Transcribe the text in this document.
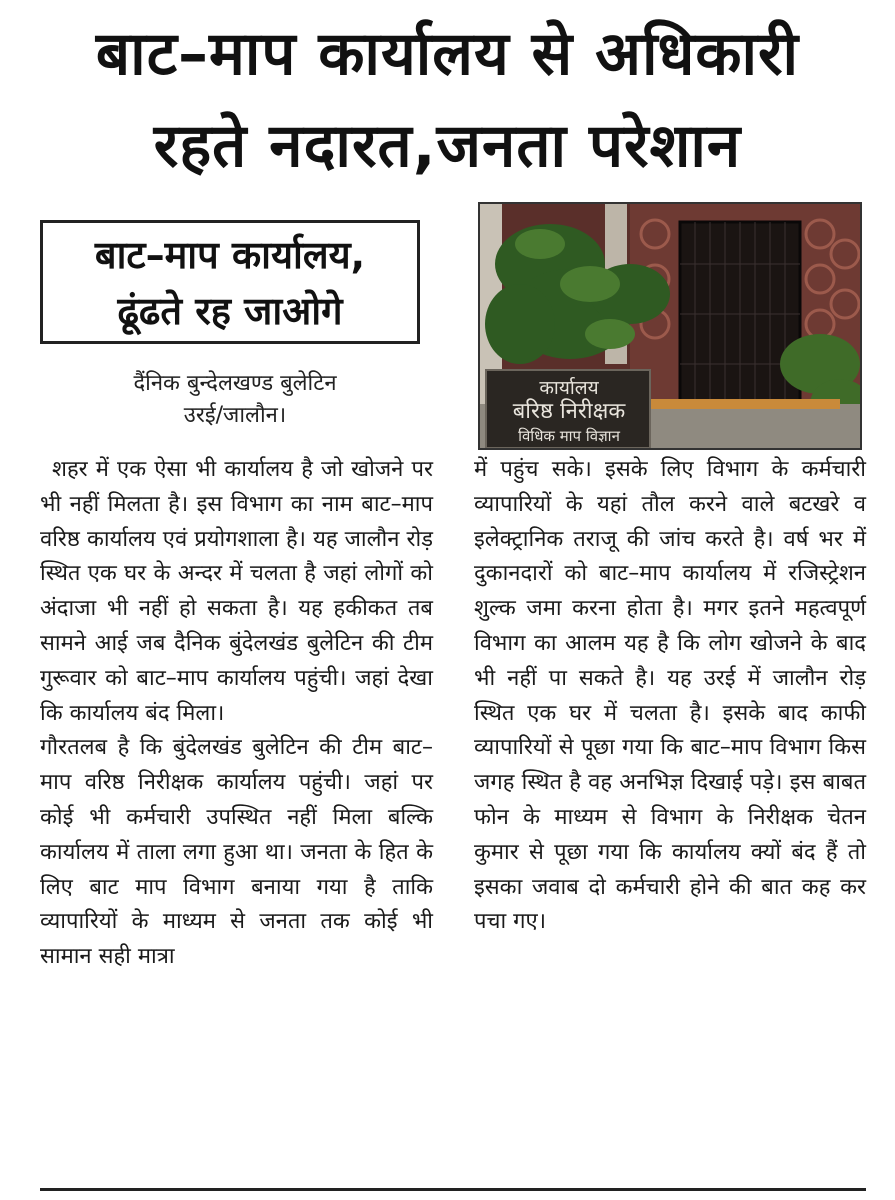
बाट–माप कार्यालय से अधिकारी
रहते नदारत,जनता परेशान
बाट–माप कार्यालय,
ढूंढते रह जाओगे
दैंनिक बुन्देलखण्ड बुलेटिन
उरई/जालौन।
कार्यालय
बरिष्ठ निरीक्षक
विधिक माप विज्ञान

शहर में एक ऐसा भी कार्यालय है जो खोजने पर भी नहीं मिलता है। इस विभाग का नाम बाट–माप वरिष्ठ कार्यालय एवं प्रयोगशाला है। यह जालौन रोड़ स्थित एक घर के अन्दर में चलता है जहां लोगों को अंदाजा भी नहीं हो सकता है। यह हकीकत तब सामने आई जब दैनिक बुंदेलखंड बुलेटिन की टीम गुरूवार को बाट–माप कार्यालय पहुंची। जहां देखा कि कार्यालय बंद मिला।

गौरतलब है कि बुंदेलखंड बुलेटिन की टीम बाट–माप वरिष्ठ निरीक्षक कार्यालय पहुंची। जहां पर कोई भी कर्मचारी उपस्थित नहीं मिला बल्कि कार्यालय में ताला लगा हुआ था। जनता के हित के लिए बाट माप विभाग बनाया गया है ताकि व्यापारियों के माध्यम से जनता तक कोई भी सामान सही मात्रा

में पहुंच सके। इसके लिए विभाग के कर्मचारी व्यापारियों के यहां तौल करने वाले बटखरे व इलेक्ट्रानिक तराजू की जांच करते है। वर्ष भर में दुकानदारों को बाट–माप कार्यालय में रजिस्ट्रेशन शुल्क जमा करना होता है। मगर इतने महत्वपूर्ण विभाग का आलम यह है कि लोग खोजने के बाद भी नहीं पा सकते है। यह उरई में जालौन रोड़ स्थित एक घर में चलता है। इसके बाद काफी व्यापारियों से पूछा गया कि बाट–माप विभाग किस जगह स्थित है वह अनभिज्ञ दिखाई पड़े। इस बाबत फोन के माध्यम से विभाग के निरीक्षक चेतन कुमार से पूछा गया कि कार्यालय क्यों बंद हैं तो इसका जवाब दो कर्मचारी होने की बात कह कर पचा गए।
